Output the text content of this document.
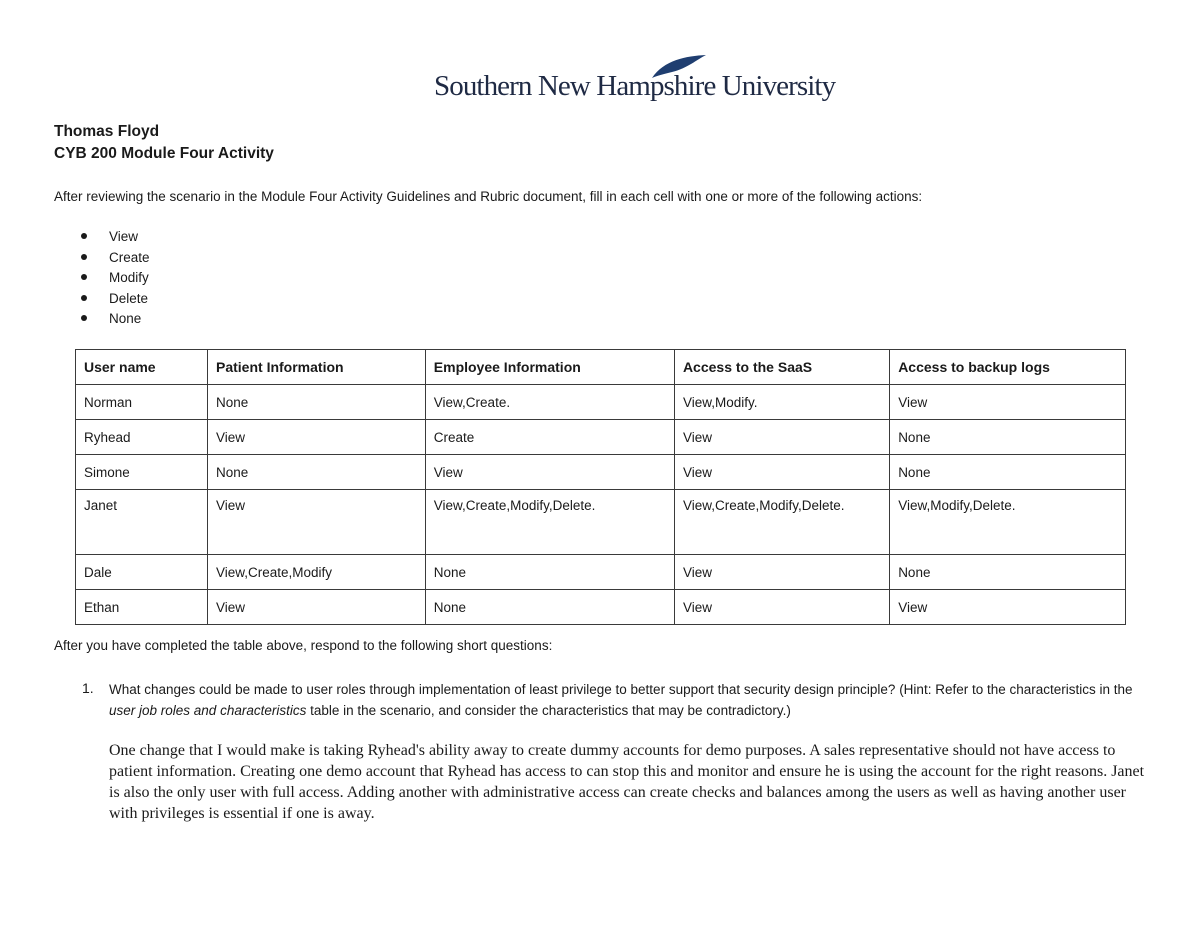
Southern New Hampshire University
Thomas Floyd
CYB 200 Module Four Activity
After reviewing the scenario in the Module Four Activity Guidelines and Rubric document, fill in each cell with one or more of the following actions:
View
Create
Modify
Delete
None
User name	Patient Information	Employee Information	Access to the SaaS	Access to backup logs
Norman	None	View,Create.	View,Modify.	View
Ryhead	View	Create	View	None
Simone	None	View	View	None
Janet	View	View,Create,Modify,Delete.	View,Create,Modify,Delete.	View,Modify,Delete.
Dale	View,Create,Modify	None	View	None
Ethan	View	None	View	View
After you have completed the table above, respond to the following short questions:
1. What changes could be made to user roles through implementation of least privilege to better support that security design principle? (Hint: Refer to the characteristics in the user job roles and characteristics table in the scenario, and consider the characteristics that may be contradictory.)
One change that I would make is taking Ryhead's ability away to create dummy accounts for demo purposes. A sales representative should not have access to patient information. Creating one demo account that Ryhead has access to can stop this and monitor and ensure he is using the account for the right reasons. Janet is also the only user with full access. Adding another with administrative access can create checks and balances among the users as well as having another user with privileges is essential if one is away.
